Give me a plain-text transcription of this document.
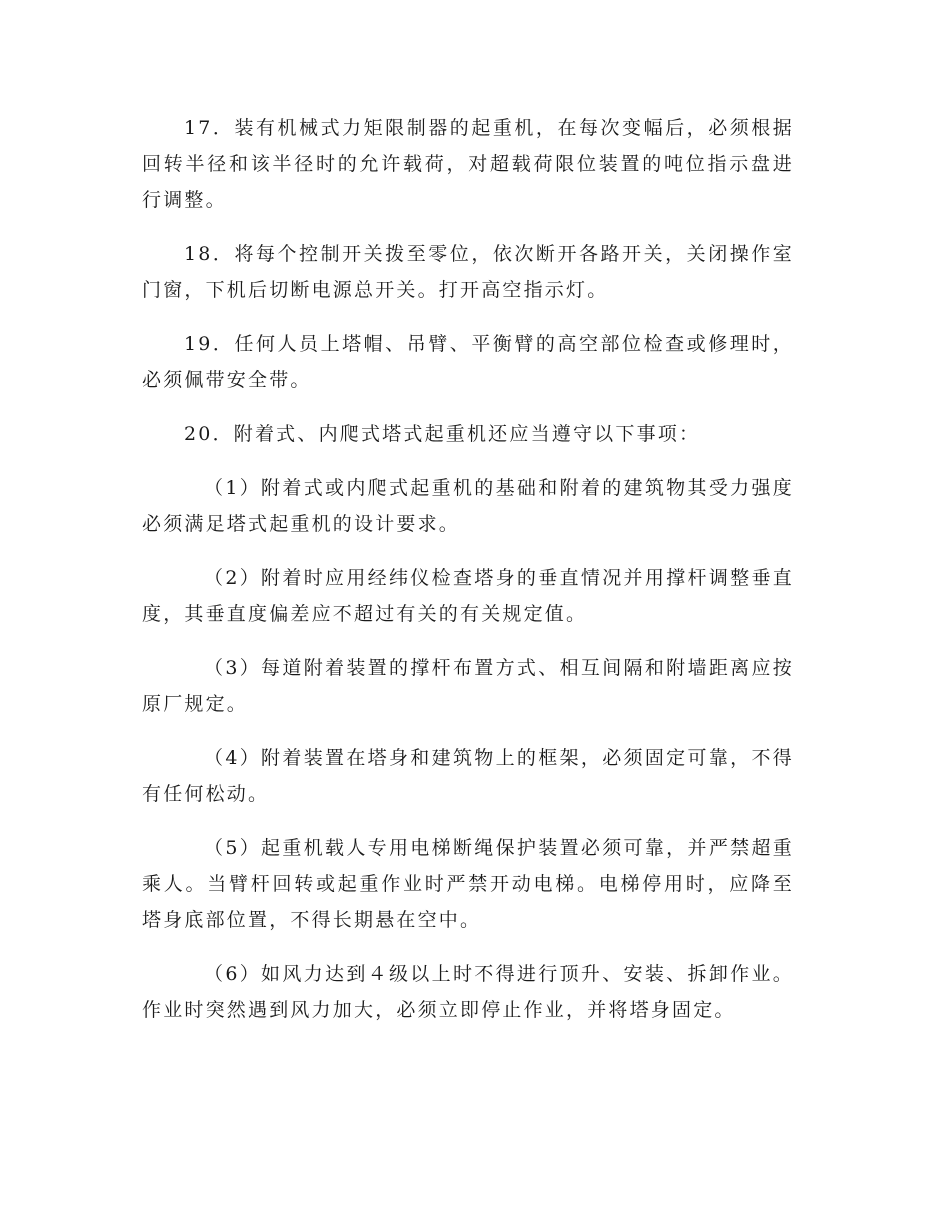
17．装有机械式力矩限制器的起重机，在每次变幅后，必须根据回转半径和该半径时的允许载荷，对超载荷限位装置的吨位指示盘进行调整。

18．将每个控制开关拨至零位，依次断开各路开关，关闭操作室门窗，下机后切断电源总开关。打开高空指示灯。

19．任何人员上塔帽、吊臂、平衡臂的高空部位检查或修理时，必须佩带安全带。

20．附着式、内爬式塔式起重机还应当遵守以下事项：

（1）附着式或内爬式起重机的基础和附着的建筑物其受力强度必须满足塔式起重机的设计要求。

（2）附着时应用经纬仪检查塔身的垂直情况并用撑杆调整垂直度，其垂直度偏差应不超过有关的有关规定值。

（3）每道附着装置的撑杆布置方式、相互间隔和附墙距离应按原厂规定。

（4）附着装置在塔身和建筑物上的框架，必须固定可靠，不得有任何松动。

（5）起重机载人专用电梯断绳保护装置必须可靠，并严禁超重乘人。当臂杆回转或起重作业时严禁开动电梯。电梯停用时，应降至塔身底部位置，不得长期悬在空中。

（6）如风力达到４级以上时不得进行顶升、安装、拆卸作业。作业时突然遇到风力加大，必须立即停止作业，并将塔身固定。
